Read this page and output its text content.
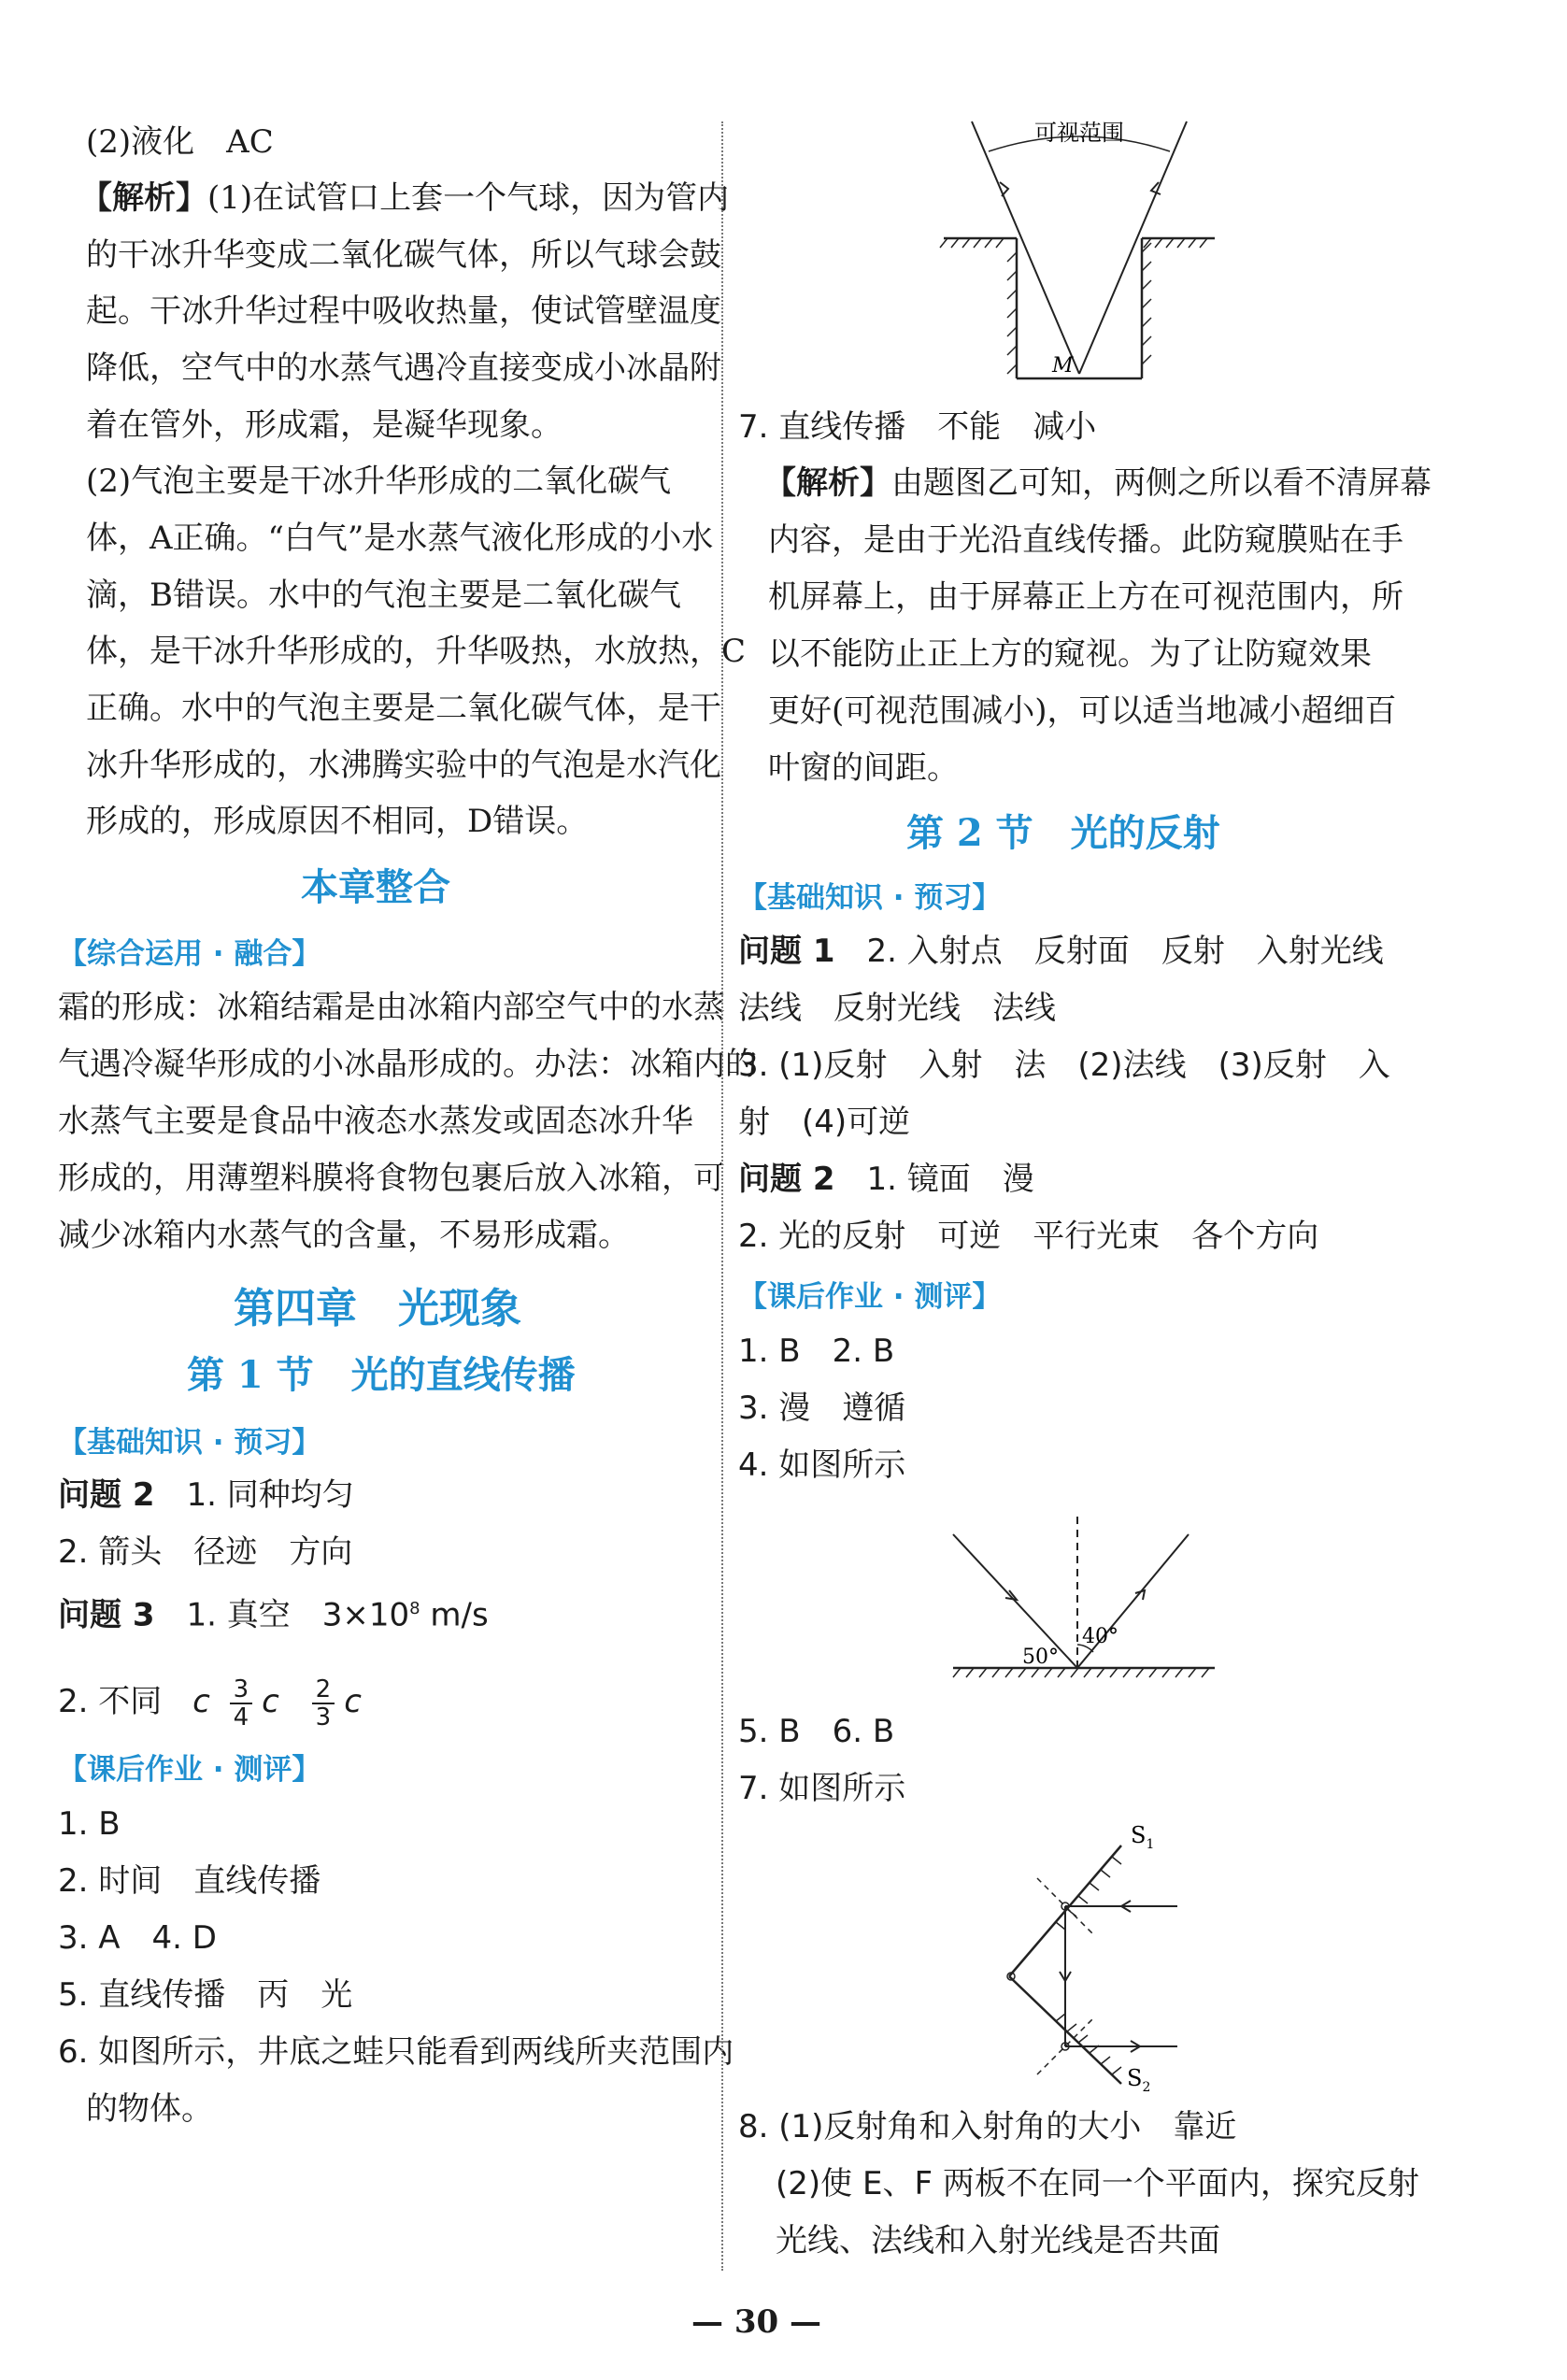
(2)液化　AC
【解析】(1)在试管口上套一个气球，因为管内
的干冰升华变成二氧化碳气体，所以气球会鼓
起。干冰升华过程中吸收热量，使试管壁温度
降低，空气中的水蒸气遇冷直接变成小冰晶附
着在管外，形成霜，是凝华现象。
(2)气泡主要是干冰升华形成的二氧化碳气
体，A正确。“白气”是水蒸气液化形成的小水
滴，B错误。水中的气泡主要是二氧化碳气
体，是干冰升华形成的，升华吸热，水放热，C
正确。水中的气泡主要是二氧化碳气体，是干
冰升华形成的，水沸腾实验中的气泡是水汽化
形成的，形成原因不相同，D错误。
本章整合
【综合运用 · 融合】
霜的形成：冰箱结霜是由冰箱内部空气中的水蒸
气遇冷凝华形成的小冰晶形成的。办法：冰箱内的
水蒸气主要是食品中液态水蒸发或固态冰升华
形成的，用薄塑料膜将食物包裹后放入冰箱，可
减少冰箱内水蒸气的含量，不易形成霜。
第四章　光现象
第 1 节　光的直线传播
【基础知识 · 预习】
问题 2　 1. 同种均匀
2. 箭头　径迹　方向
问题 3　 1. 真空　$3\times 10^8$ m/s
2. 不同 c $\frac{3}{4}$ c $\frac{2}{3}$ c
【课后作业 · 测评】
1. B
2. 时间　直线传播
3. A　4. D
5. 直线传播　丙　光
6. 如图所示，井底之蛙只能看到两线所夹范围内
的物体。
可视范围
M
7. 直线传播　不能　减小
【解析】由题图乙可知，两侧之所以看不清屏幕
内容，是由于光沿直线传播。此防窥膜贴在手
机屏幕上，由于屏幕正上方在可视范围内，所
以不能防止正上方的窥视。为了让防窥效果
更好(可视范围减小)，可以适当地减小超细百
叶窗的间距。
第 2 节　光的反射
【基础知识 · 预习】
问题 1　 2. 入射点　反射面　反射　入射光线
法线　反射光线　法线
3. (1)反射　入射　法　(2)法线　(3)反射　入
射　(4)可逆
问题 2　 1. 镜面　漫
2. 光的反射　可逆　平行光束　各个方向
【课后作业 · 测评】
1. B　2. B
3. 漫　遵循
4. 如图所示
40°
50°
5. B　6. B
7. 如图所示
$S_1$
$S_2$
8. (1)反射角和入射角的大小　靠近
(2)使 E、F 两板不在同一个平面内，探究反射
光线、法线和入射光线是否共面
— 30 —
